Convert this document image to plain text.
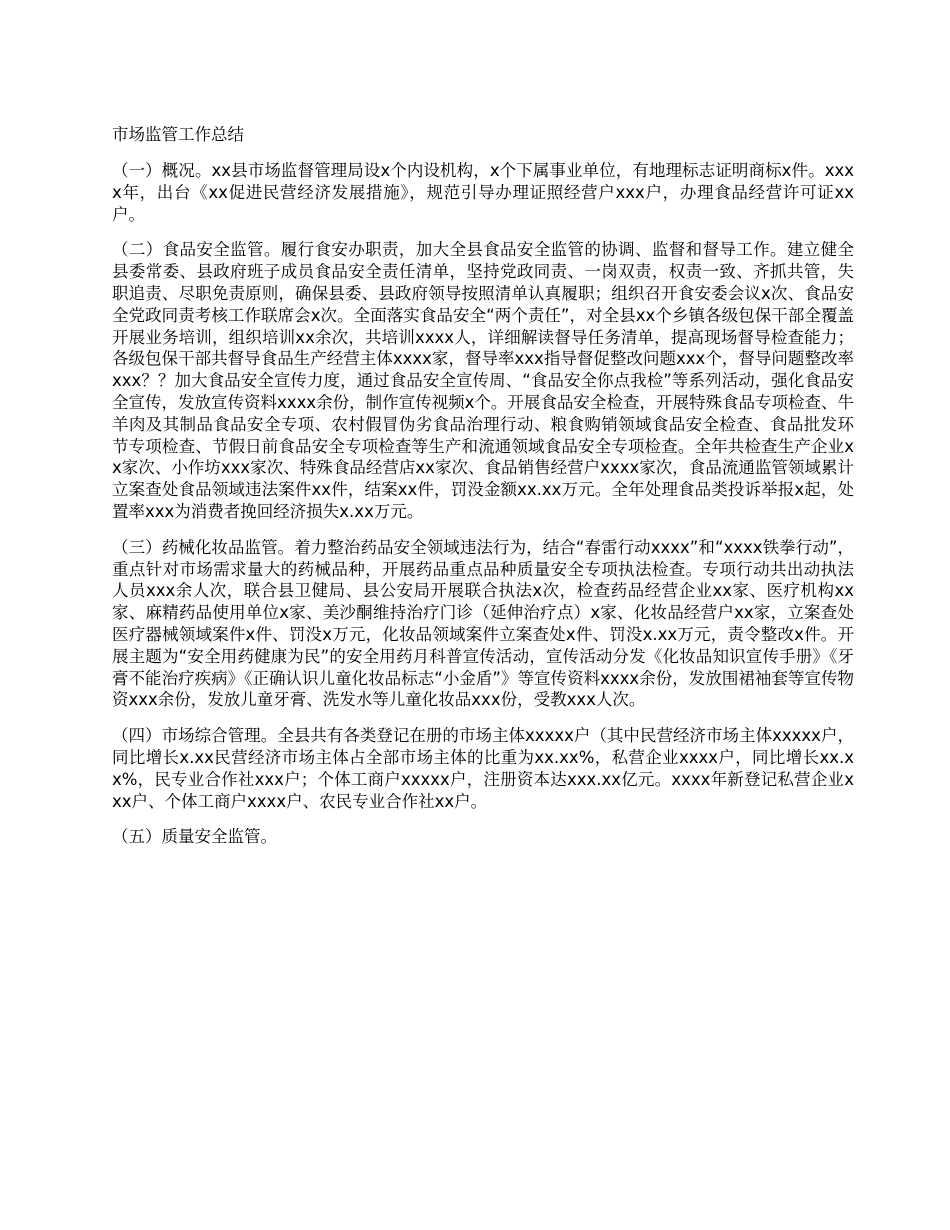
市场监管工作总结

（一）概况。xx县市场监督管理局设x个内设机构，x个下属事业单位，有地理标志证明商标x件。xxxx年，出台《xx促进民营经济发展措施》，规范引导办理证照经营户xxx户，办理食品经营许可证xx户。

（二）食品安全监管。履行食安办职责，加大全县食品安全监管的协调、监督和督导工作。建立健全县委常委、县政府班子成员食品安全责任清单，坚持党政同责、一岗双责，权责一致、齐抓共管，失职追责、尽职免责原则，确保县委、县政府领导按照清单认真履职；组织召开食安委会议x次、食品安全党政同责考核工作联席会x次。全面落实食品安全“两个责任”，对全县xx个乡镇各级包保干部全覆盖开展业务培训，组织培训xx余次，共培训xxxx人，详细解读督导任务清单，提高现场督导检查能力；各级包保干部共督导食品生产经营主体xxxx家，督导率xxx指导督促整改问题xxx个，督导问题整改率xxx？？加大食品安全宣传力度，通过食品安全宣传周、“食品安全你点我检”等系列活动，强化食品安全宣传，发放宣传资料xxxx余份，制作宣传视频x个。开展食品安全检查，开展特殊食品专项检查、牛羊肉及其制品食品安全专项、农村假冒伪劣食品治理行动、粮食购销领域食品安全检查、食品批发环节专项检查、节假日前食品安全专项检查等生产和流通领域食品安全专项检查。全年共检查生产企业xx家次、小作坊xxx家次、特殊食品经营店xx家次、食品销售经营户xxxx家次，食品流通监管领域累计立案查处食品领域违法案件xx件，结案xx件，罚没金额xx.xx万元。全年处理食品类投诉举报x起，处置率xxx为消费者挽回经济损失x.xx万元。

（三）药械化妆品监管。着力整治药品安全领域违法行为，结合“春雷行动xxxx”和“xxxx铁拳行动”，重点针对市场需求量大的药械品种，开展药品重点品种质量安全专项执法检查。专项行动共出动执法人员xxx余人次，联合县卫健局、县公安局开展联合执法x次，检查药品经营企业xx家、医疗机构xx家、麻精药品使用单位x家、美沙酮维持治疗门诊（延伸治疗点）x家、化妆品经营户xx家，立案查处医疗器械领域案件x件、罚没x万元，化妆品领域案件立案查处x件、罚没x.xx万元，责令整改x件。开展主题为“安全用药健康为民”的安全用药月科普宣传活动，宣传活动分发《化妆品知识宣传手册》《牙膏不能治疗疾病》《正确认识儿童化妆品标志“小金盾”》等宣传资料xxxx余份，发放围裙袖套等宣传物资xxx余份，发放儿童牙膏、洗发水等儿童化妆品xxx份，受教xxx人次。

（四）市场综合管理。全县共有各类登记在册的市场主体xxxxx户（其中民营经济市场主体xxxxx户，同比增长x.xx民营经济市场主体占全部市场主体的比重为xx.xx%，私营企业xxxx户，同比增长xx.xx%，民专业合作社xxx户；个体工商户xxxxx户，注册资本达xxx.xx亿元。xxxx年新登记私营企业xxx户、个体工商户xxxx户、农民专业合作社xx户。

（五）质量安全监管。
